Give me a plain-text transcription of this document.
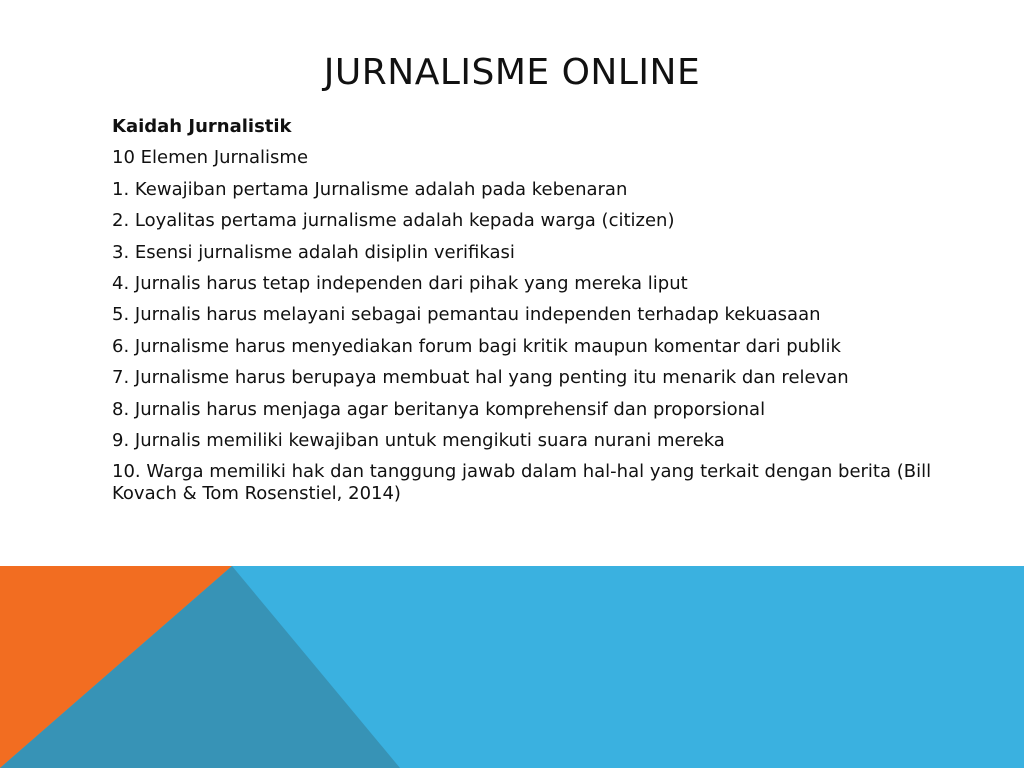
JURNALISME ONLINE

Kaidah Jurnalistik

10 Elemen Jurnalisme

1. Kewajiban pertama Jurnalisme adalah pada kebenaran

2. Loyalitas pertama jurnalisme adalah kepada warga (citizen)

3. Esensi jurnalisme adalah disiplin verifikasi

4. Jurnalis harus tetap independen dari pihak yang mereka liput

5. Jurnalis harus melayani sebagai pemantau independen terhadap kekuasaan

6. Jurnalisme harus menyediakan forum bagi kritik maupun komentar dari publik

7. Jurnalisme harus berupaya membuat hal yang penting itu menarik dan relevan

8. Jurnalis harus menjaga agar beritanya komprehensif dan proporsional

9. Jurnalis memiliki kewajiban untuk mengikuti suara nurani mereka

10. Warga memiliki hak dan tanggung jawab dalam hal-hal yang terkait dengan berita (Bill Kovach & Tom Rosenstiel, 2014)
